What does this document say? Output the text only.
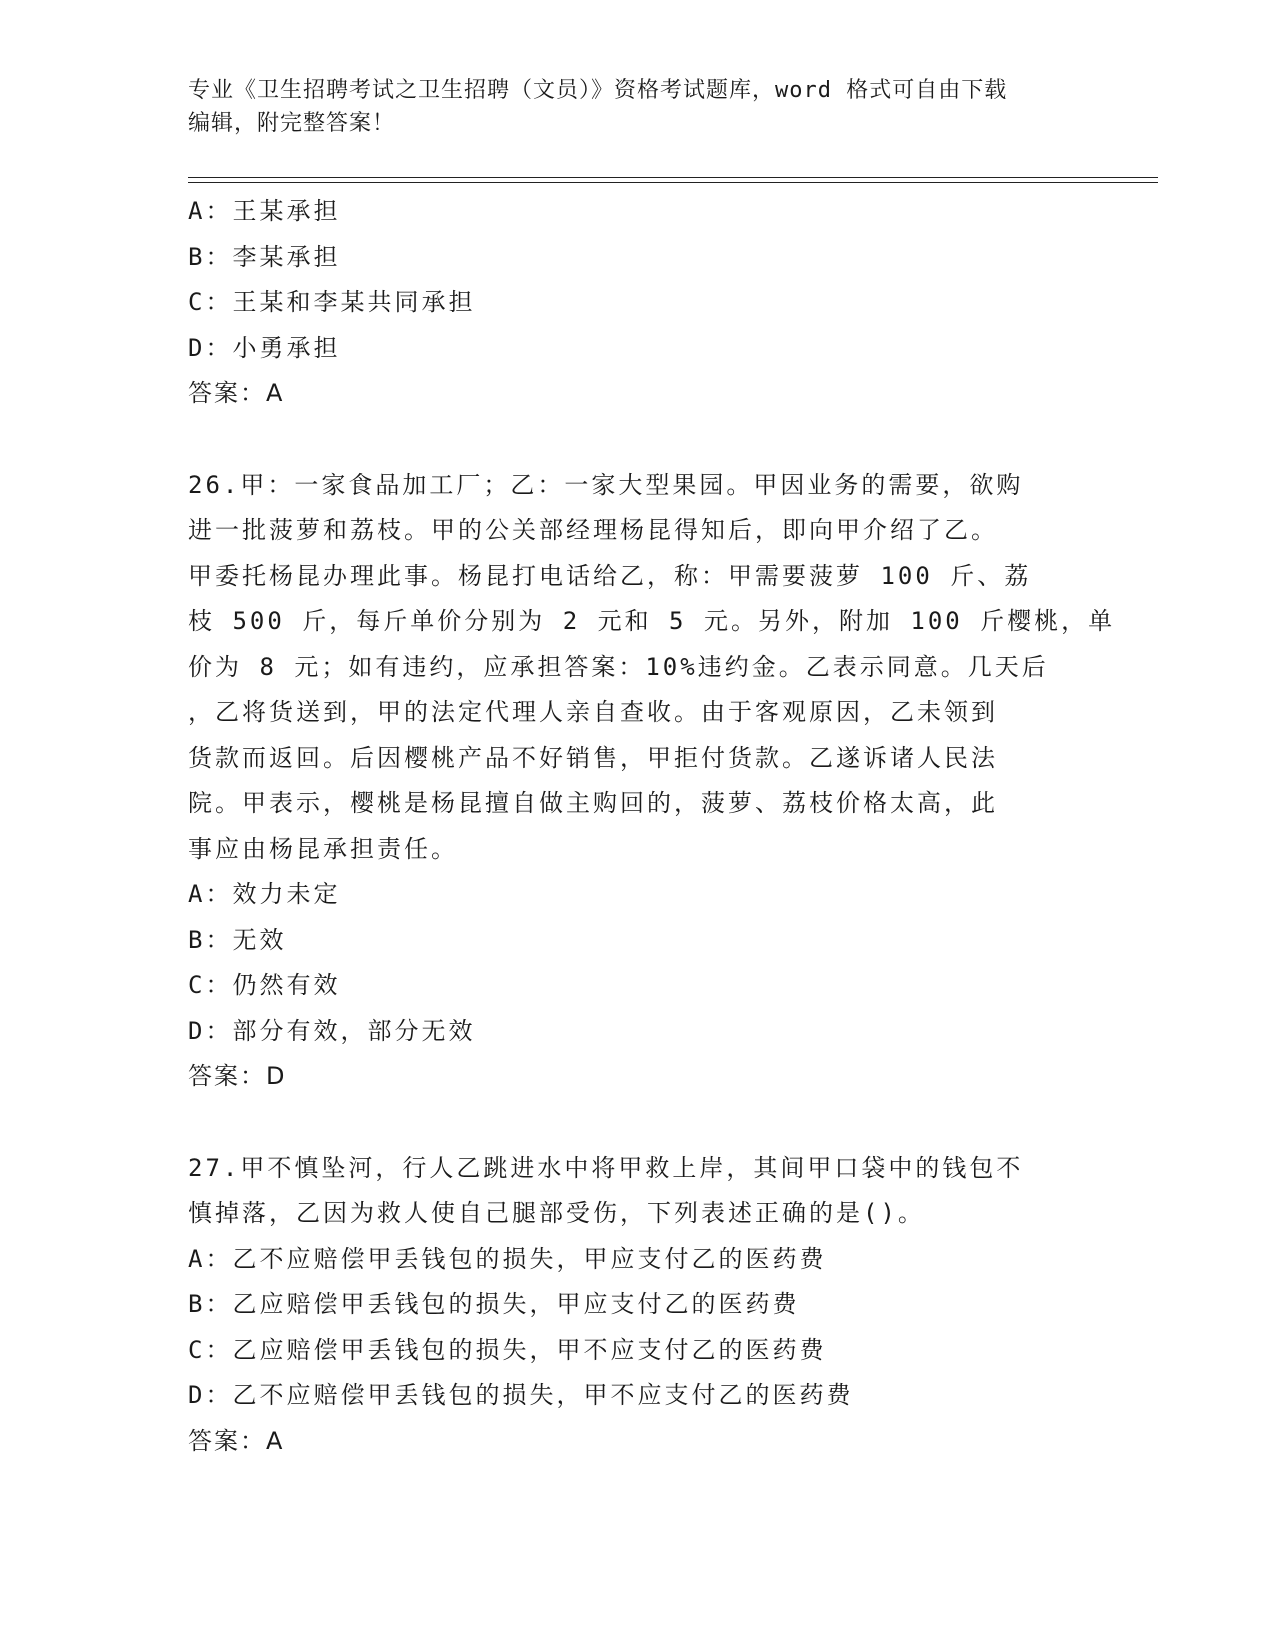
专业《卫生招聘考试之卫生招聘（文员）》资格考试题库，word 格式可自由下载
编辑，附完整答案！
A：王某承担
B：李某承担
C：王某和李某共同承担
D：小勇承担
答案：A
26.甲：一家食品加工厂；乙：一家大型果园。甲因业务的需要，欲购
进一批菠萝和荔枝。甲的公关部经理杨昆得知后，即向甲介绍了乙。
甲委托杨昆办理此事。杨昆打电话给乙，称：甲需要菠萝 100 斤、荔
枝 500 斤，每斤单价分别为 2 元和 5 元。另外，附加 100 斤樱桃，单
价为 8 元；如有违约，应承担答案：10%违约金。乙表示同意。几天后
，乙将货送到，甲的法定代理人亲自查收。由于客观原因，乙未领到
货款而返回。后因樱桃产品不好销售，甲拒付货款。乙遂诉诸人民法
院。甲表示，樱桃是杨昆擅自做主购回的，菠萝、荔枝价格太高，此
事应由杨昆承担责任。
A：效力未定
B：无效
C：仍然有效
D：部分有效，部分无效
答案：D
27.甲不慎坠河，行人乙跳进水中将甲救上岸，其间甲口袋中的钱包不
慎掉落，乙因为救人使自己腿部受伤，下列表述正确的是()。
A：乙不应赔偿甲丢钱包的损失，甲应支付乙的医药费
B：乙应赔偿甲丢钱包的损失，甲应支付乙的医药费
C：乙应赔偿甲丢钱包的损失，甲不应支付乙的医药费
D：乙不应赔偿甲丢钱包的损失，甲不应支付乙的医药费
答案：A
